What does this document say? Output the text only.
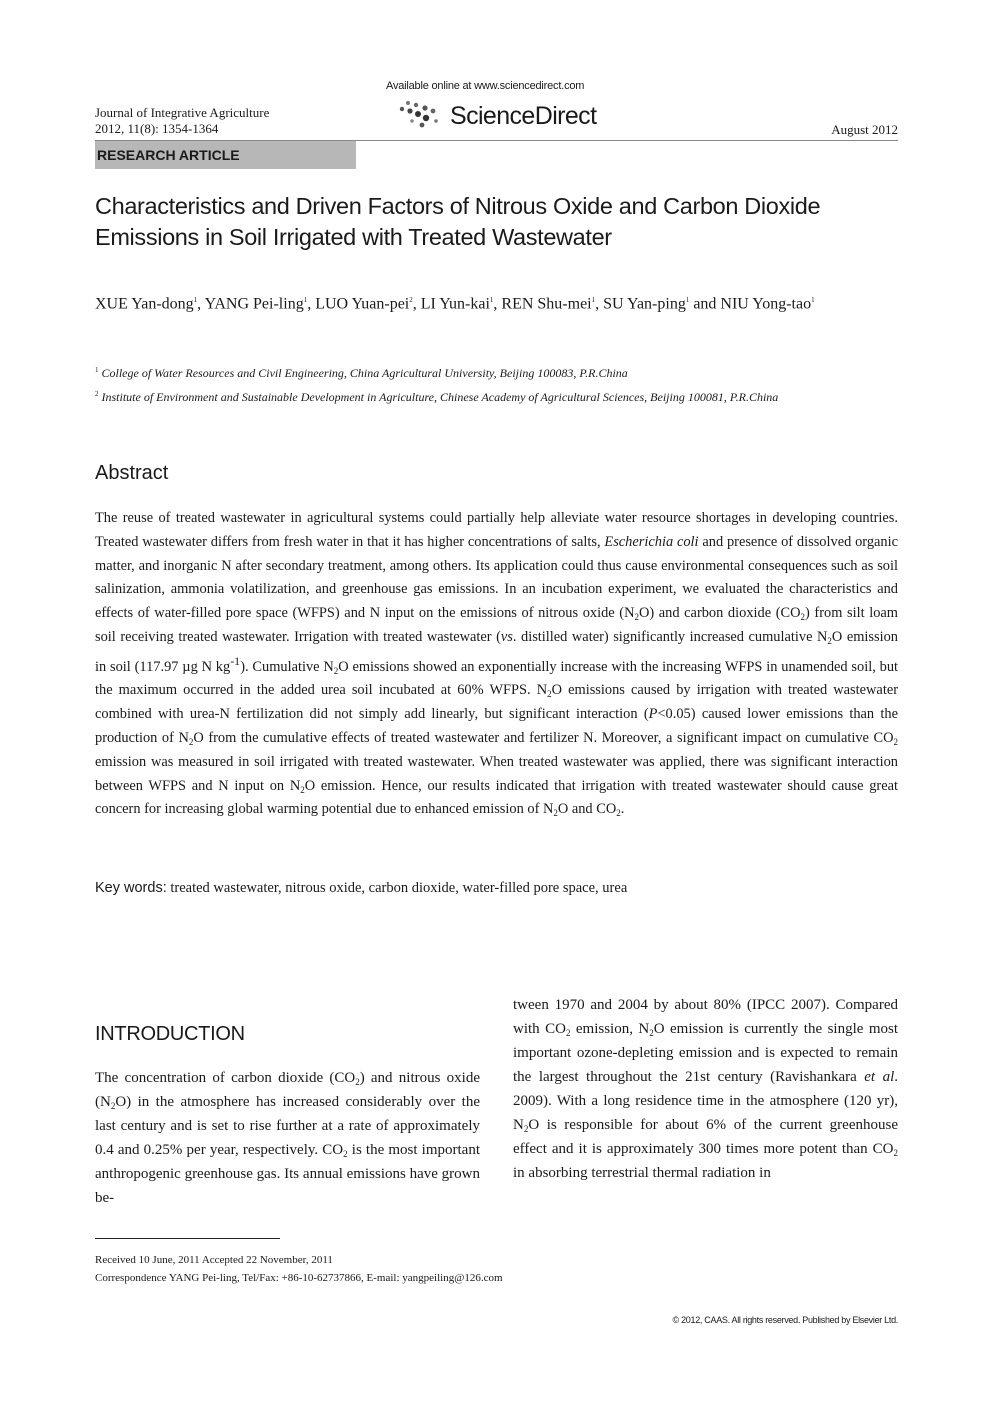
Journal of Integrative Agriculture
2012, 11(8): 1354-1364
Available online at www.sciencedirect.com
ScienceDirect	August 2012
RESEARCH ARTICLE
Characteristics and Driven Factors of Nitrous Oxide and Carbon Dioxide Emissions in Soil Irrigated with Treated Wastewater
XUE Yan-dong$^1$, YANG Pei-ling$^1$, LUO Yuan-pei$^2$, LI Yun-kai$^1$, REN Shu-mei$^1$, SU Yan-ping$^1$ and NIU Yong-tao$^1$
$^1$ College of Water Resources and Civil Engineering, China Agricultural University, Beijing 100083, P.R.China
$^2$ Institute of Environment and Sustainable Development in Agriculture, Chinese Academy of Agricultural Sciences, Beijing 100081, P.R.China
Abstract
The reuse of treated wastewater in agricultural systems could partially help alleviate water resource shortages in developing countries. Treated wastewater differs from fresh water in that it has higher concentrations of salts, Escherichia coli and presence of dissolved organic matter, and inorganic N after secondary treatment, among others. Its application could thus cause environmental consequences such as soil salinization, ammonia volatilization, and greenhouse gas emissions. In an incubation experiment, we evaluated the characteristics and effects of water-filled pore space (WFPS) and N input on the emissions of nitrous oxide $(N_2O)$ and carbon dioxide $(CO_2)$ from silt loam soil receiving treated wastewater. Irrigation with treated wastewater (vs. distilled water) significantly increased cumulative $N_2O$ emission in soil (117.97 µg N $kg^{-1}$). Cumulative $N_2O$ emissions showed an exponentially increase with the increasing WFPS in unamended soil, but the maximum occurred in the added urea soil incubated at 60% WFPS. $N_2O$ emissions caused by irrigation with treated wastewater combined with urea-N fertilization did not simply add linearly, but significant interaction (P<0.05) caused lower emissions than the production of $N_2O$ from the cumulative effects of treated wastewater and fertilizer N. Moreover, a significant impact on cumulative $CO_2$ emission was measured in soil irrigated with treated wastewater. When treated wastewater was applied, there was significant interaction between WFPS and N input on $N_2O$ emission. Hence, our results indicated that irrigation with treated wastewater should cause great concern for increasing global warming potential due to enhanced emission of $N_2O$ and $CO_2$.
Key words: treated wastewater, nitrous oxide, carbon dioxide, water-filled pore space, urea
INTRODUCTION
The concentration of carbon dioxide $(CO_2)$ and nitrous oxide $(N_2O)$ in the atmosphere has increased considerably over the last century and is set to rise further at a rate of approximately 0.4 and 0.25% per year, respectively. $CO_2$ is the most important anthropogenic greenhouse gas. Its annual emissions have grown be-
tween 1970 and 2004 by about 80% (IPCC 2007). Compared with $CO_2$ emission, $N_2O$ emission is currently the single most important ozone-depleting emission and is expected to remain the largest throughout the 21st century (Ravishankara et al. 2009). With a long residence time in the atmosphere (120 yr), $N_2O$ is responsible for about 6% of the current greenhouse effect and it is approximately 300 times more potent than $CO_2$ in absorbing terrestrial thermal radiation in
Received 10 June, 2011 Accepted 22 November, 2011
Correspondence YANG Pei-ling, Tel/Fax: +86-10-62737866, E-mail: yangpeiling@126.com
© 2012, CAAS. All rights reserved. Published by Elsevier Ltd.
